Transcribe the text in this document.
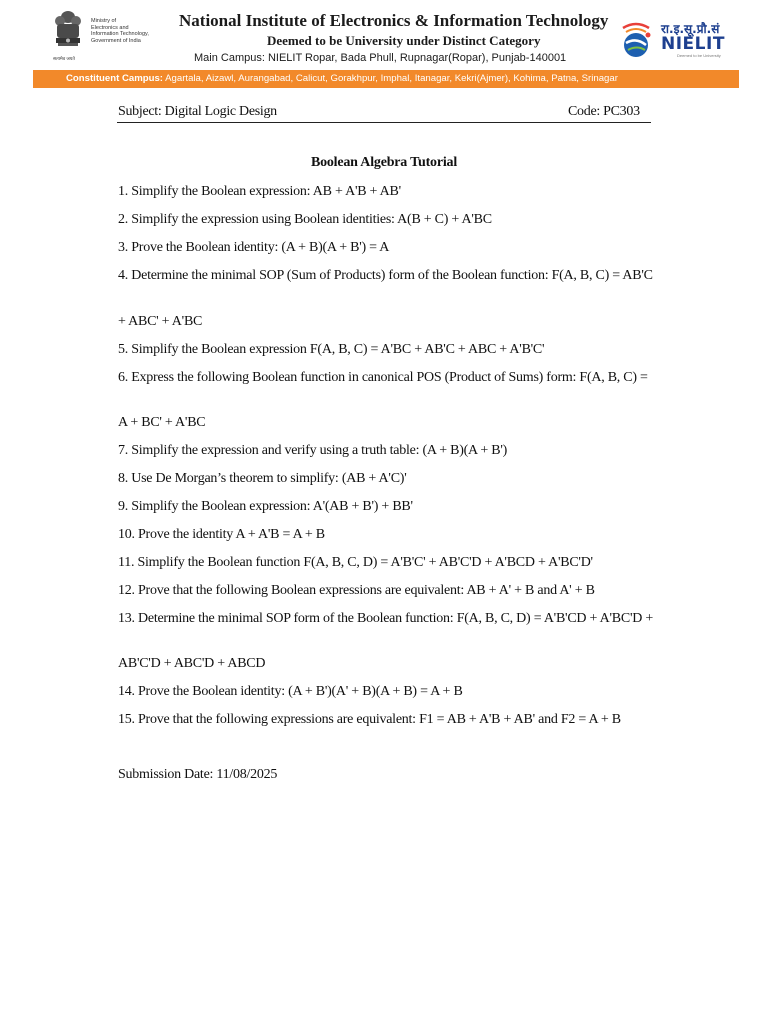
सत्यमेव जयते
Ministry of
Electronics and
Information Technology,
Government of India
National Institute of Electronics & Information Technology
Deemed to be University under Distinct Category
Main Campus: NIELIT Ropar, Bada Phull, Rupnagar(Ropar), Punjab-140001
रा.इ.सू.प्रौ.सं
NIELIT
Deemed to be University
Constituent Campus: Agartala, Aizawl, Aurangabad, Calicut, Gorakhpur, Imphal, Itanagar, Kekri(Ajmer), Kohima, Patna, Srinagar
Subject: Digital Logic Design	Code: PC303
Boolean Algebra Tutorial
1. Simplify the Boolean expression: AB + A'B + AB'
2. Simplify the expression using Boolean identities: A(B + C) + A'BC
3. Prove the Boolean identity: (A + B)(A + B') = A
4. Determine the minimal SOP (Sum of Products) form of the Boolean function: F(A, B, C) = AB'C
+ ABC' + A'BC
5. Simplify the Boolean expression F(A, B, C) = A'BC + AB'C + ABC + A'B'C'
6. Express the following Boolean function in canonical POS (Product of Sums) form: F(A, B, C) =
A + BC' + A'BC
7. Simplify the expression and verify using a truth table: (A + B)(A + B')
8. Use De Morgan’s theorem to simplify: (AB + A'C)'
9. Simplify the Boolean expression: A'(AB + B') + BB'
10. Prove the identity A + A'B = A + B
11. Simplify the Boolean function F(A, B, C, D) = A'B'C' + AB'C'D + A'BCD + A'BC'D'
12. Prove that the following Boolean expressions are equivalent: AB + A' + B and A' + B
13. Determine the minimal SOP form of the Boolean function: F(A, B, C, D) = A'B'CD + A'BC'D +
AB'C'D + ABC'D + ABCD
14. Prove the Boolean identity: (A + B')(A' + B)(A + B) = A + B
15. Prove that the following expressions are equivalent: F1 = AB + A'B + AB' and F2 = A + B
Submission Date: 11/08/2025
